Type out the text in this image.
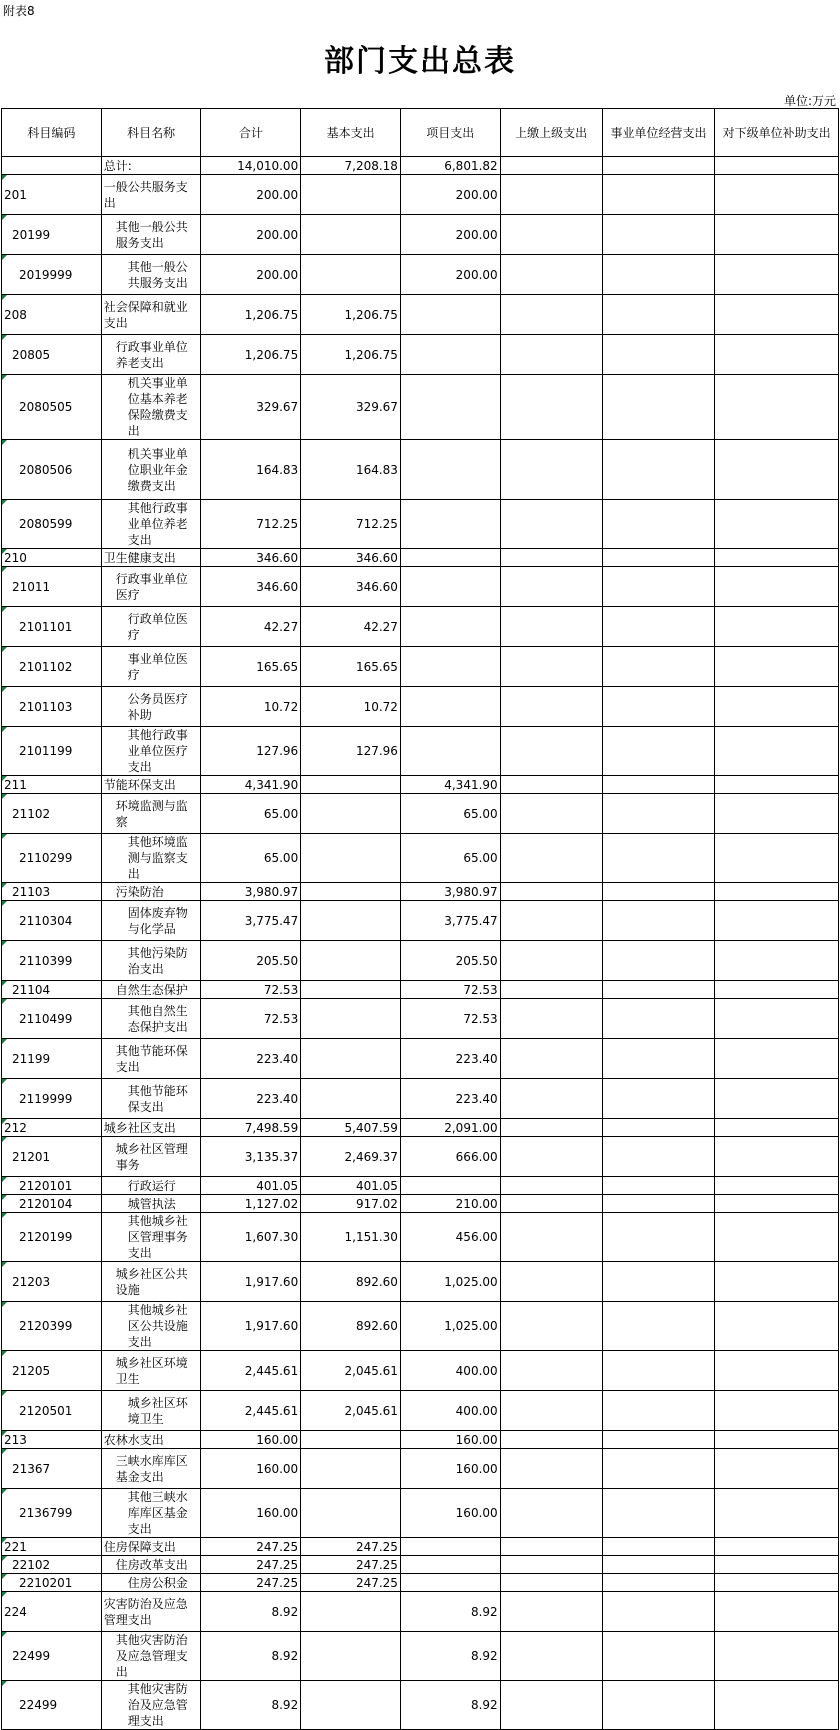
附表8
部门支出总表
单位:万元
科目编码	科目名称	合计	基本支出	项目支出	上缴上级支出	事业单位经营支出	对下级单位补助支出
	总计:	14,010.00	7,208.18	6,801.82			
201	一般公共服务支出	200.00		200.00			
20199	其他一般公共服务支出	200.00		200.00			
2019999	其他一般公共服务支出	200.00		200.00			
208	社会保障和就业支出	1,206.75	1,206.75				
20805	行政事业单位养老支出	1,206.75	1,206.75				
2080505	机关事业单位基本养老保险缴费支出	329.67	329.67				
2080506	机关事业单位职业年金缴费支出	164.83	164.83				
2080599	其他行政事业单位养老支出	712.25	712.25				
210	卫生健康支出	346.60	346.60				
21011	行政事业单位医疗	346.60	346.60				
2101101	行政单位医疗	42.27	42.27				
2101102	事业单位医疗	165.65	165.65				
2101103	公务员医疗补助	10.72	10.72				
2101199	其他行政事业单位医疗支出	127.96	127.96				
211	节能环保支出	4,341.90		4,341.90			
21102	环境监测与监察	65.00		65.00			
2110299	其他环境监测与监察支出	65.00		65.00			
21103	污染防治	3,980.97		3,980.97			
2110304	固体废弃物与化学品	3,775.47		3,775.47			
2110399	其他污染防治支出	205.50		205.50			
21104	自然生态保护	72.53		72.53			
2110499	其他自然生态保护支出	72.53		72.53			
21199	其他节能环保支出	223.40		223.40			
2119999	其他节能环保支出	223.40		223.40			
212	城乡社区支出	7,498.59	5,407.59	2,091.00			
21201	城乡社区管理事务	3,135.37	2,469.37	666.00			
2120101	行政运行	401.05	401.05				
2120104	城管执法	1,127.02	917.02	210.00			
2120199	其他城乡社区管理事务支出	1,607.30	1,151.30	456.00			
21203	城乡社区公共设施	1,917.60	892.60	1,025.00			
2120399	其他城乡社区公共设施支出	1,917.60	892.60	1,025.00			
21205	城乡社区环境卫生	2,445.61	2,045.61	400.00			
2120501	城乡社区环境卫生	2,445.61	2,045.61	400.00			
213	农林水支出	160.00		160.00			
21367	三峡水库库区基金支出	160.00		160.00			
2136799	其他三峡水库库区基金支出	160.00		160.00			
221	住房保障支出	247.25	247.25				
22102	住房改革支出	247.25	247.25				
2210201	住房公积金	247.25	247.25				
224	灾害防治及应急管理支出	8.92		8.92			
22499	其他灾害防治及应急管理支出	8.92		8.92			
22499	其他灾害防治及应急管理支出	8.92		8.92			
